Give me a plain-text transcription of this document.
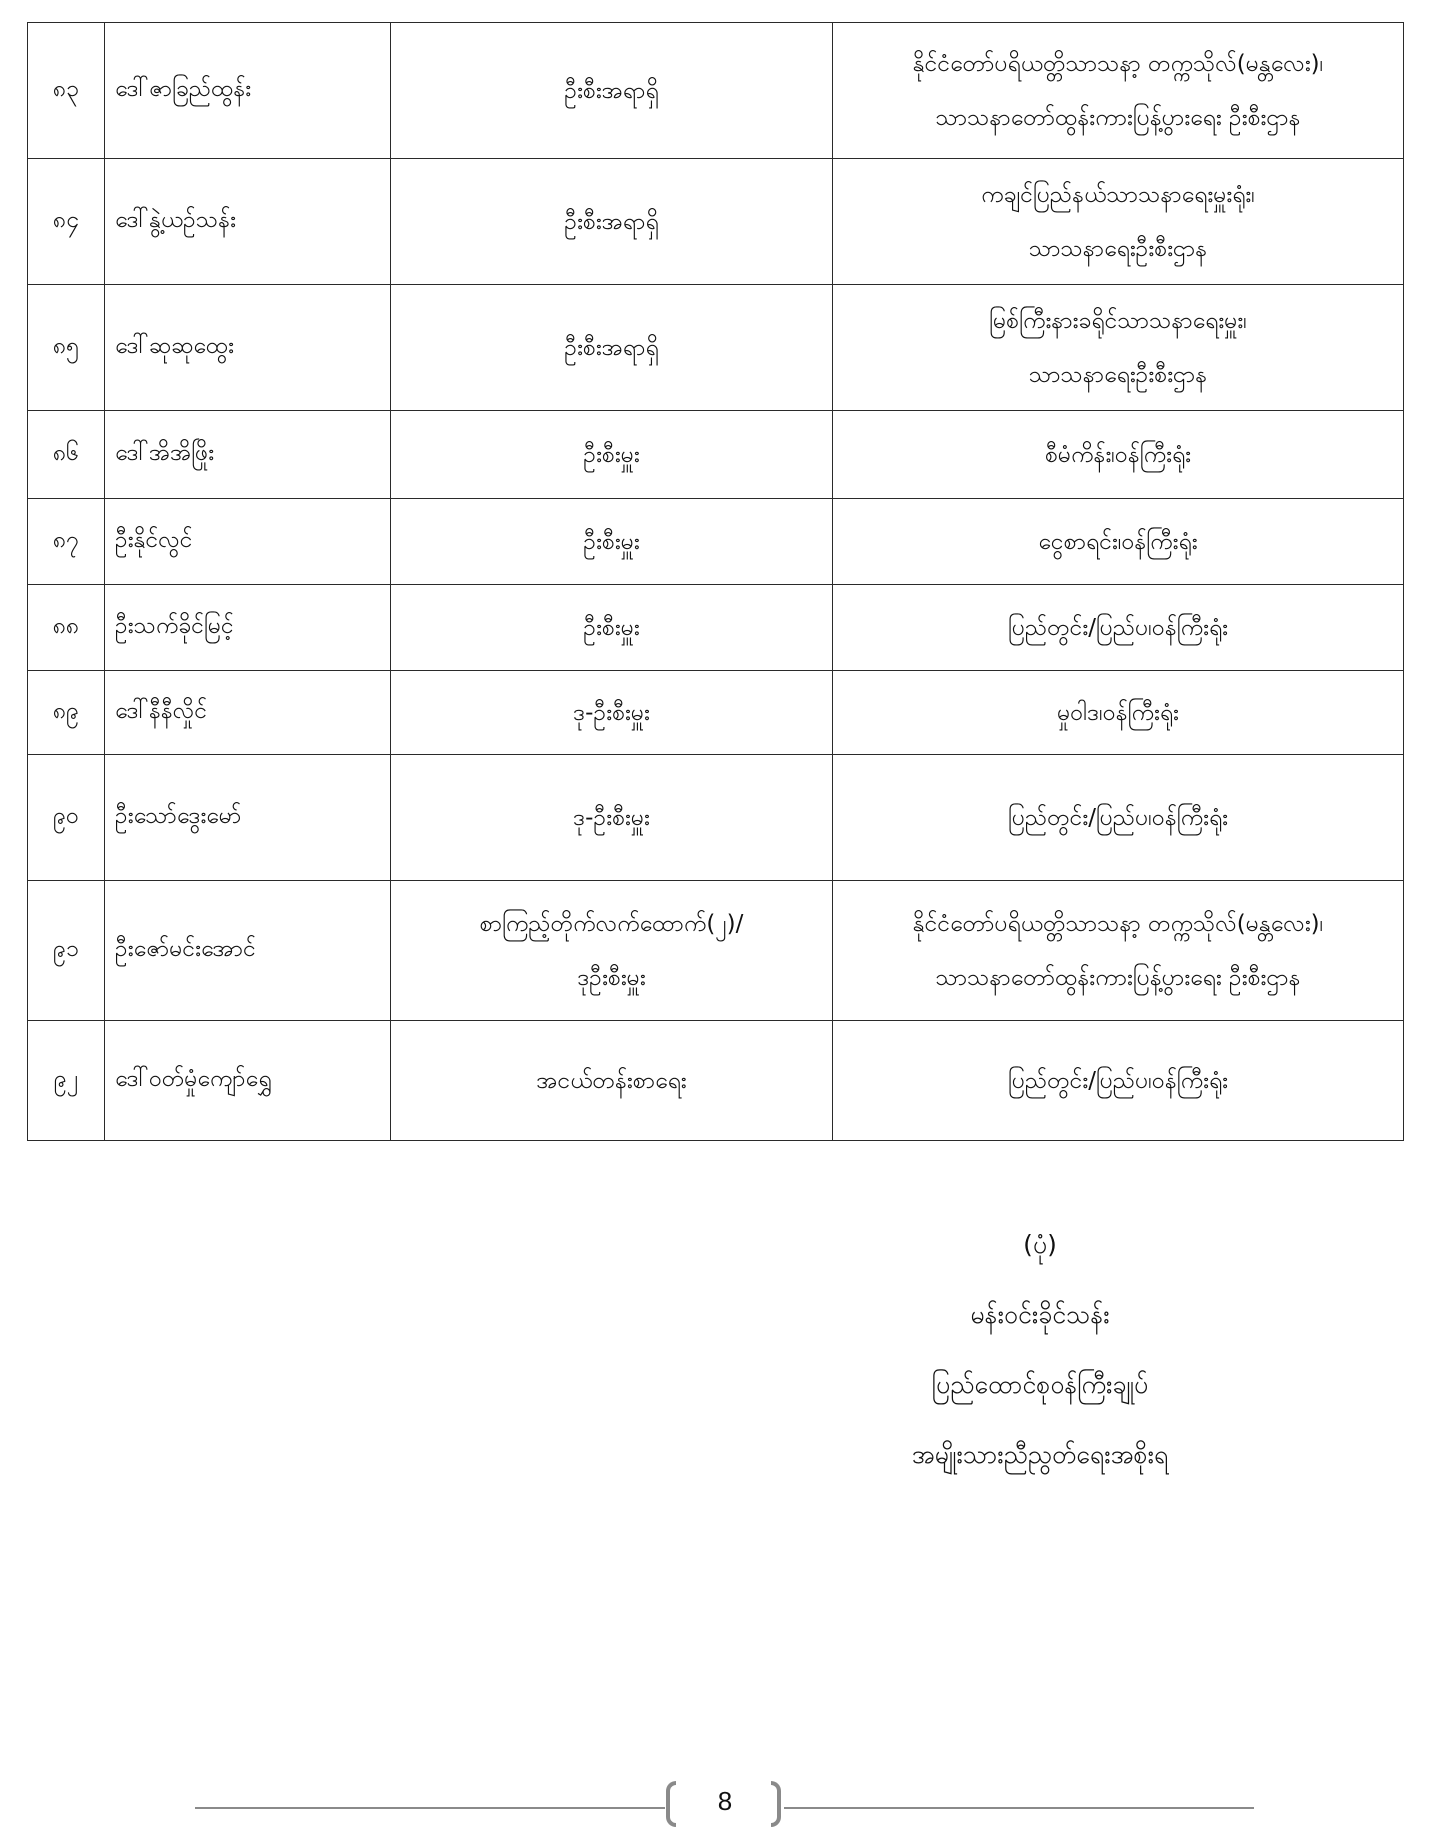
၈၃	ဒေါ်ဇာခြည်ထွန်း	ဦးစီးအရာရှိ	နိုင်ငံတော်ပရိယတ္တိသာသနာ့ တက္ကသိုလ်(မန္တလေး)၊
သာသနာတော်ထွန်းကားပြန့်ပွားရေး ဦးစီးဌာန

၈၄	ဒေါ်နွဲ့ယဉ်သန်း	ဦးစီးအရာရှိ	ကချင်ပြည်နယ်သာသနာရေးမှူးရုံး၊
သာသနာရေးဦးစီးဌာန

၈၅	ဒေါ်ဆုဆုထွေး	ဦးစီးအရာရှိ	မြစ်ကြီးနားခရိုင်သာသနာရေးမှူး၊
သာသနာရေးဦးစီးဌာန

၈၆	ဒေါ်အိအိဖြိုး	ဦးစီးမှူး	စီမံကိန်း၊ဝန်ကြီးရုံး

၈၇	ဦးနိုင်လွင်	ဦးစီးမှူး	ငွေစာရင်း၊ဝန်ကြီးရုံး

၈၈	ဦးသက်ခိုင်မြင့်	ဦးစီးမှူး	ပြည်တွင်း/ပြည်ပ၊ဝန်ကြီးရုံး

၈၉	ဒေါ်နီနီလှိုင်	ဒု-ဦးစီးမှူး	မှုဝါဒ၊ဝန်ကြီးရုံး

၉၀	ဦးသော်ဒွေးမော်	ဒု-ဦးစီးမှူး	ပြည်တွင်း/ပြည်ပ၊ဝန်ကြီးရုံး

၉၁	ဦးဇော်မင်းအောင်	စာကြည့်တိုက်လက်ထောက်(၂)/
ဒုဦးစီးမှူး	နိုင်ငံတော်ပရိယတ္တိသာသနာ့ တက္ကသိုလ်(မန္တလေး)၊
သာသနာတော်ထွန်းကားပြန့်ပွားရေး ဦးစီးဌာန

၉၂	ဒေါ်ဝတ်မှုံကျော်ရွှေ	အငယ်တန်းစာရေး	ပြည်တွင်း/ပြည်ပ၊ဝန်ကြီးရုံး
(ပုံ)
မန်းဝင်းခိုင်သန်း
ပြည်ထောင်စုဝန်ကြီးချုပ်
အမျိုးသားညီညွတ်ရေးအစိုးရ
8
